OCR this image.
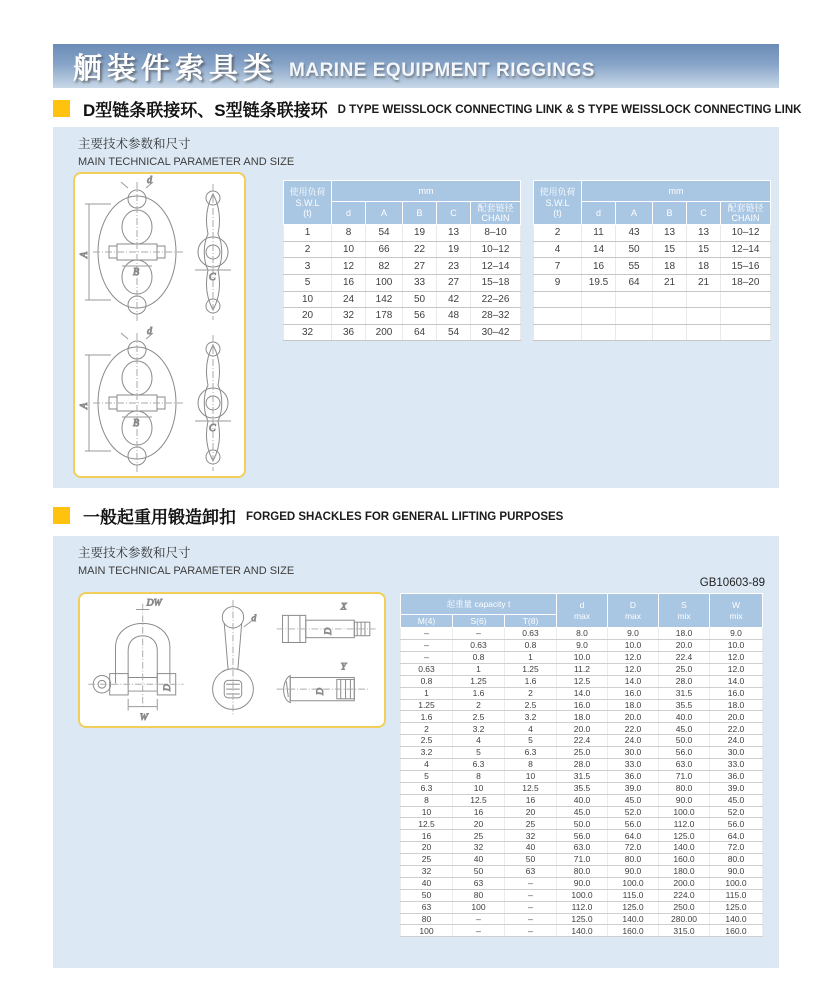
舾装件索具类 MARINE EQUIPMENT RIGGINGS
D型链条联接环、S型链条联接环 D TYPE WEISSLOCK CONNECTING LINK & S TYPE WEISSLOCK CONNECTING LINK
主要技术参数和尺寸
MAIN TECHNICAL PARAMETER AND SIZE
A
B
d
C
使用负荷
S.W.L
(t)	mm				
	d	A	B	C	配套链径
CHAIN

1	8	54	19	13	8–10
2	10	66	22	19	10–12
3	12	82	27	23	12–14
5	16	100	33	27	15–18
10	24	142	50	42	22–26
20	32	178	56	48	28–32
32	36	200	64	54	30–42
使用负荷
S.W.L
(t)	mm				
	d	A	B	C	配套链径
CHAIN

2	11	43	13	13	10–12
4	14	50	15	15	12–14
7	16	55	18	18	15–16
9	19.5	64	21	21	18–20

一般起重用锻造卸扣 FORGED SHACKLES FOR GENERAL LIFTING PURPOSES
主要技术参数和尺寸
MAIN TECHNICAL PARAMETER AND SIZE
GB10603-89
DW
D
W
d
X
D
Y
D
起重量 capacity t	d
max

D
max

S
mix

W
mix

M(4)	S(6)	T(8)				
–	–	0.63	8.0	9.0	18.0	9.0
–	0.63	0.8	9.0	10.0	20.0	10.0
–	0.8	1	10.0	12.0	22.4	12.0
0.63	1	1.25	11.2	12.0	25.0	12.0
0.8	1.25	1.6	12.5	14.0	28.0	14.0
1	1.6	2	14.0	16.0	31.5	16.0
1.25	2	2.5	16.0	18.0	35.5	18.0
1.6	2.5	3.2	18.0	20.0	40.0	20.0
2	3.2	4	20.0	22.0	45.0	22.0
2.5	4	5	22.4	24.0	50.0	24.0
3.2	5	6.3	25.0	30.0	56.0	30.0
4	6.3	8	28.0	33.0	63.0	33.0
5	8	10	31.5	36.0	71.0	36.0
6.3	10	12.5	35.5	39.0	80.0	39.0
8	12.5	16	40.0	45.0	90.0	45.0
10	16	20	45.0	52.0	100.0	52.0
12.5	20	25	50.0	56.0	112.0	56.0
16	25	32	56.0	64.0	125.0	64.0
20	32	40	63.0	72.0	140.0	72.0
25	40	50	71.0	80.0	160.0	80.0
32	50	63	80.0	90.0	180.0	90.0
40	63	–	90.0	100.0	200.0	100.0
50	80	–	100.0	115.0	224.0	115.0
63	100	–	112.0	125.0	250.0	125.0
80	–	–	125.0	140.0	280.00	140.0
100	–	–	140.0	160.0	315.0	160.0
